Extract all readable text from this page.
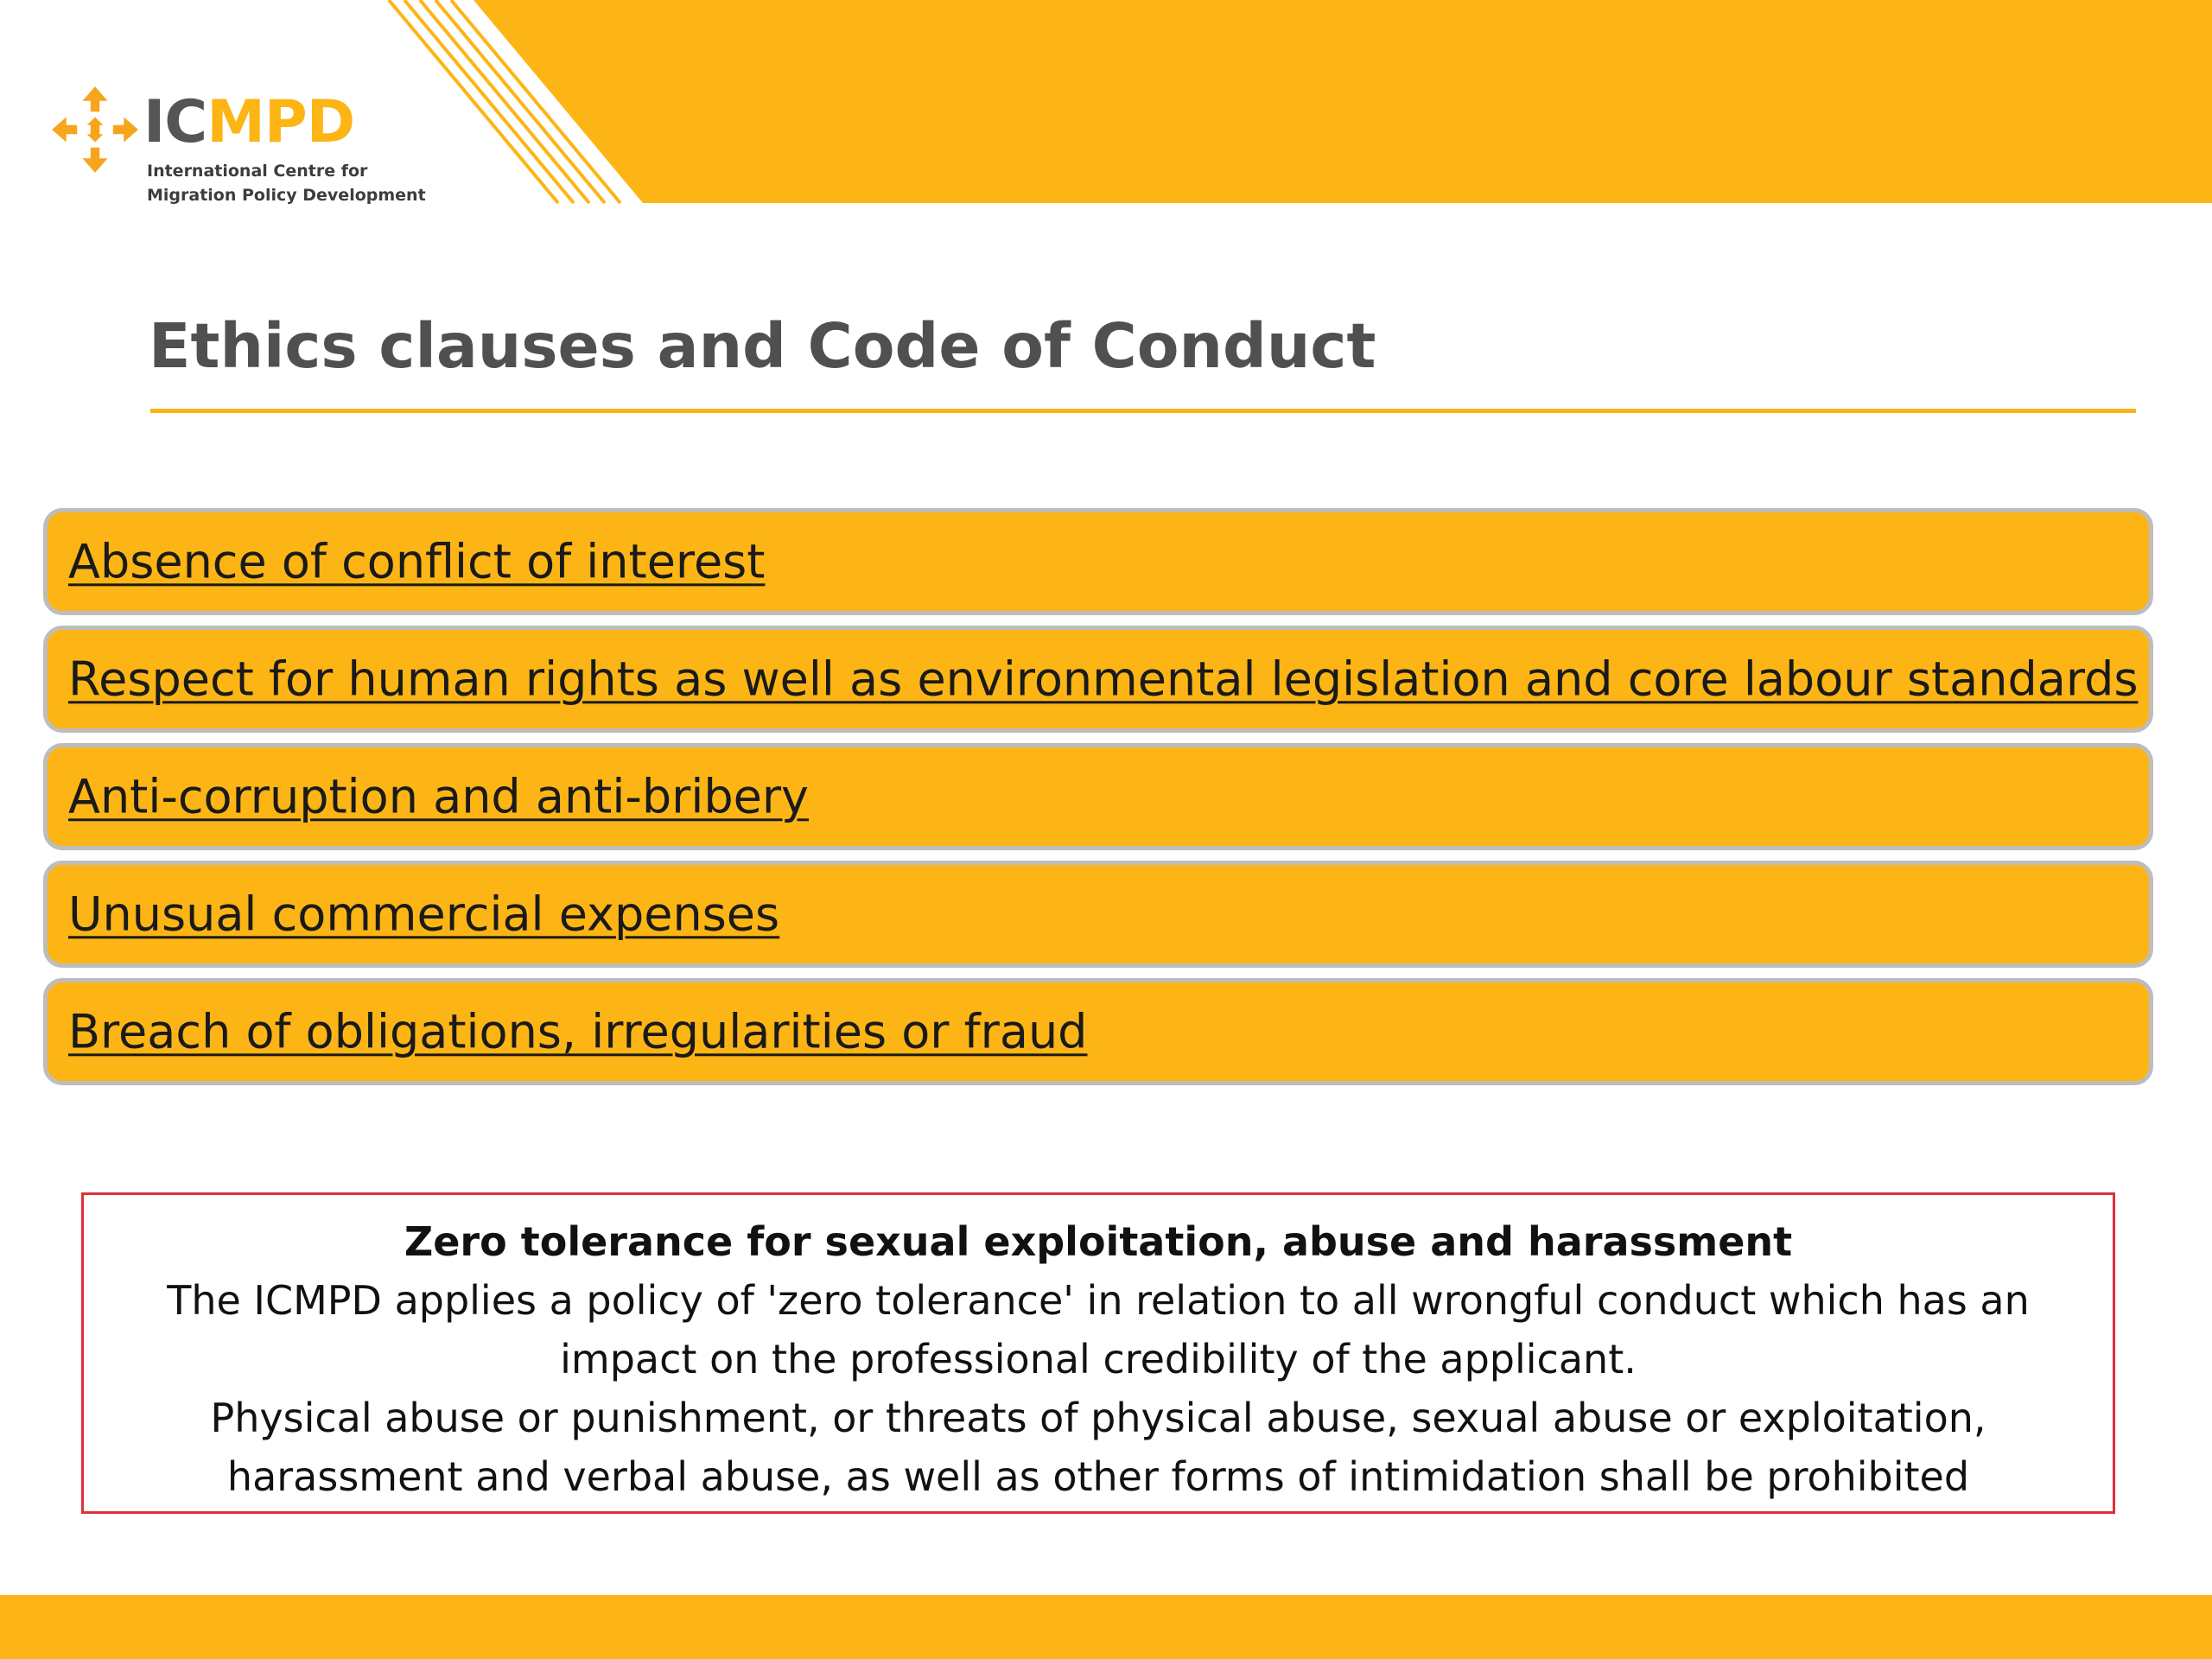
ICMPD
International Centre for
Migration Policy Development
Ethics clauses and Code of Conduct
Absence of conflict of interest
Respect for human rights as well as environmental legislation and core labour standards
Anti-corruption and anti-bribery
Unusual commercial expenses
Breach of obligations, irregularities or fraud
Zero tolerance for sexual exploitation, abuse and harassment
The ICMPD applies a policy of 'zero tolerance' in relation to all wrongful conduct which has an
impact on the professional credibility of the applicant.
Physical abuse or punishment, or threats of physical abuse, sexual abuse or exploitation,
harassment and verbal abuse, as well as other forms of intimidation shall be prohibited
